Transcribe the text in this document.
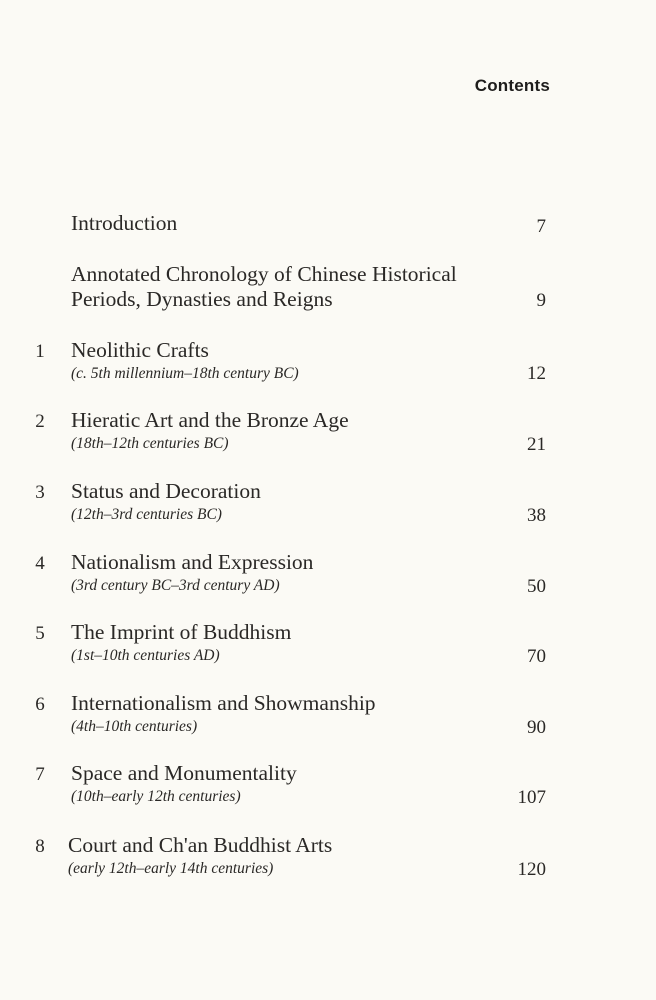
Contents
Introduction	7
Annotated Chronology of Chinese Historical
Periods, Dynasties and Reigns	9
1 Neolithic Crafts
(c. 5th millennium–18th century BC)	12
2 Hieratic Art and the Bronze Age
(18th–12th centuries BC)	21
3 Status and Decoration
(12th–3rd centuries BC)	38
4 Nationalism and Expression
(3rd century BC–3rd century AD)	50
5 The Imprint of Buddhism
(1st–10th centuries AD)	70
6 Internationalism and Showmanship
(4th–10th centuries)	90
7 Space and Monumentality
(10th–early 12th centuries)	107
8 Court and Ch'an Buddhist Arts
(early 12th–early 14th centuries)	120
